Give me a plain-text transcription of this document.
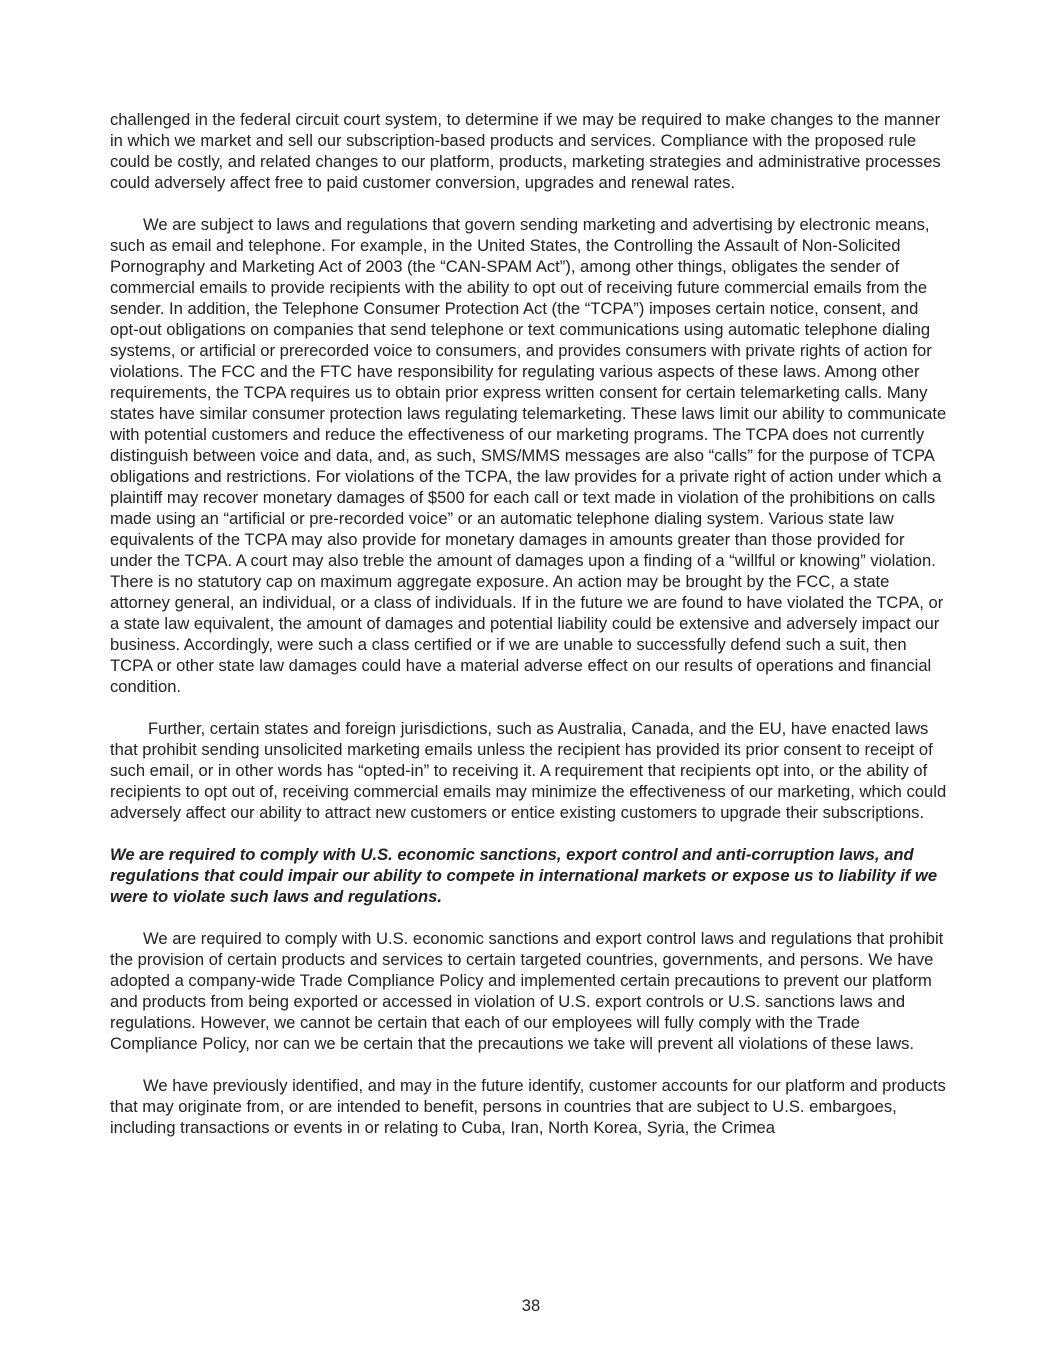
challenged in the federal circuit court system, to determine if we may be required to make changes to the manner in which we market and sell our subscription-based products and services. Compliance with the proposed rule could be costly, and related changes to our platform, products, marketing strategies and administrative processes could adversely affect free to paid customer conversion, upgrades and renewal rates.

We are subject to laws and regulations that govern sending marketing and advertising by electronic means, such as email and telephone. For example, in the United States, the Controlling the Assault of Non-Solicited Pornography and Marketing Act of 2003 (the “CAN-SPAM Act”), among other things, obligates the sender of commercial emails to provide recipients with the ability to opt out of receiving future commercial emails from the sender. In addition, the Telephone Consumer Protection Act (the “TCPA”) imposes certain notice, consent, and opt-out obligations on companies that send telephone or text communications using automatic telephone dialing systems, or artificial or prerecorded voice to consumers, and provides consumers with private rights of action for violations. The FCC and the FTC have responsibility for regulating various aspects of these laws. Among other requirements, the TCPA requires us to obtain prior express written consent for certain telemarketing calls. Many states have similar consumer protection laws regulating telemarketing. These laws limit our ability to communicate with potential customers and reduce the effectiveness of our marketing programs. The TCPA does not currently distinguish between voice and data, and, as such, SMS/MMS messages are also “calls” for the purpose of TCPA obligations and restrictions. For violations of the TCPA, the law provides for a private right of action under which a plaintiff may recover monetary damages of $500 for each call or text made in violation of the prohibitions on calls made using an “artificial or pre-recorded voice” or an automatic telephone dialing system. Various state law equivalents of the TCPA may also provide for monetary damages in amounts greater than those provided for under the TCPA. A court may also treble the amount of damages upon a finding of a “willful or knowing” violation. There is no statutory cap on maximum aggregate exposure. An action may be brought by the FCC, a state attorney general, an individual, or a class of individuals. If in the future we are found to have violated the TCPA, or a state law equivalent, the amount of damages and potential liability could be extensive and adversely impact our business. Accordingly, were such a class certified or if we are unable to successfully defend such a suit, then TCPA or other state law damages could have a material adverse effect on our results of operations and financial condition.

Further, certain states and foreign jurisdictions, such as Australia, Canada, and the EU, have enacted laws that prohibit sending unsolicited marketing emails unless the recipient has provided its prior consent to receipt of such email, or in other words has “opted-in” to receiving it. A requirement that recipients opt into, or the ability of recipients to opt out of, receiving commercial emails may minimize the effectiveness of our marketing, which could adversely affect our ability to attract new customers or entice existing customers to upgrade their subscriptions.

We are required to comply with U.S. economic sanctions, export control and anti-corruption laws, and regulations that could impair our ability to compete in international markets or expose us to liability if we were to violate such laws and regulations.

We are required to comply with U.S. economic sanctions and export control laws and regulations that prohibit the provision of certain products and services to certain targeted countries, governments, and persons. We have adopted a company-wide Trade Compliance Policy and implemented certain precautions to prevent our platform and products from being exported or accessed in violation of U.S. export controls or U.S. sanctions laws and regulations. However, we cannot be certain that each of our employees will fully comply with the Trade Compliance Policy, nor can we be certain that the precautions we take will prevent all violations of these laws.

We have previously identified, and may in the future identify, customer accounts for our platform and products that may originate from, or are intended to benefit, persons in countries that are subject to U.S. embargoes, including transactions or events in or relating to Cuba, Iran, North Korea, Syria, the Crimea

38
